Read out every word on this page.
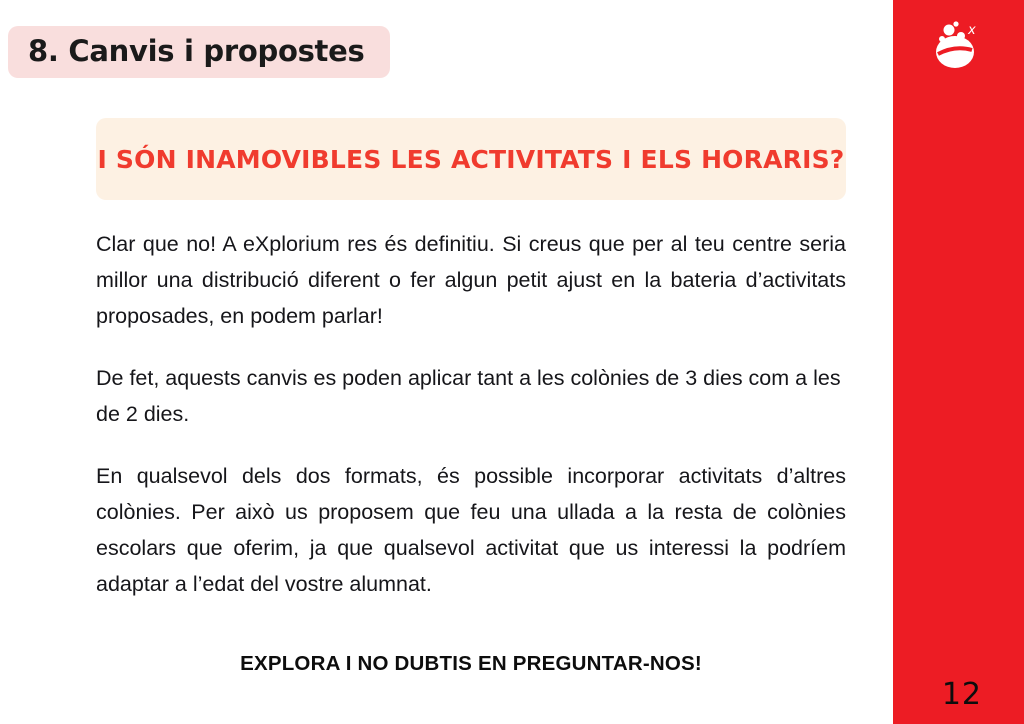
x
12
8. Canvis i propostes
I SÓN INAMOVIBLES LES ACTIVITATS I ELS HORARIS?

Clar que no! A eXplorium res és definitiu. Si creus que per al teu centre seria millor una distribució diferent o fer algun petit ajust en la bateria d’activitats proposades, en podem parlar!

De fet, aquests canvis es poden aplicar tant a les colònies de 3 dies com a les de 2 dies.

En qualsevol dels dos formats, és possible incorporar activitats d’altres colònies. Per això us proposem que feu una ullada a la resta de colònies escolars que oferim, ja que qualsevol activitat que us interessi la podríem adaptar a l’edat del vostre alumnat.

EXPLORA I NO DUBTIS EN PREGUNTAR-NOS!
